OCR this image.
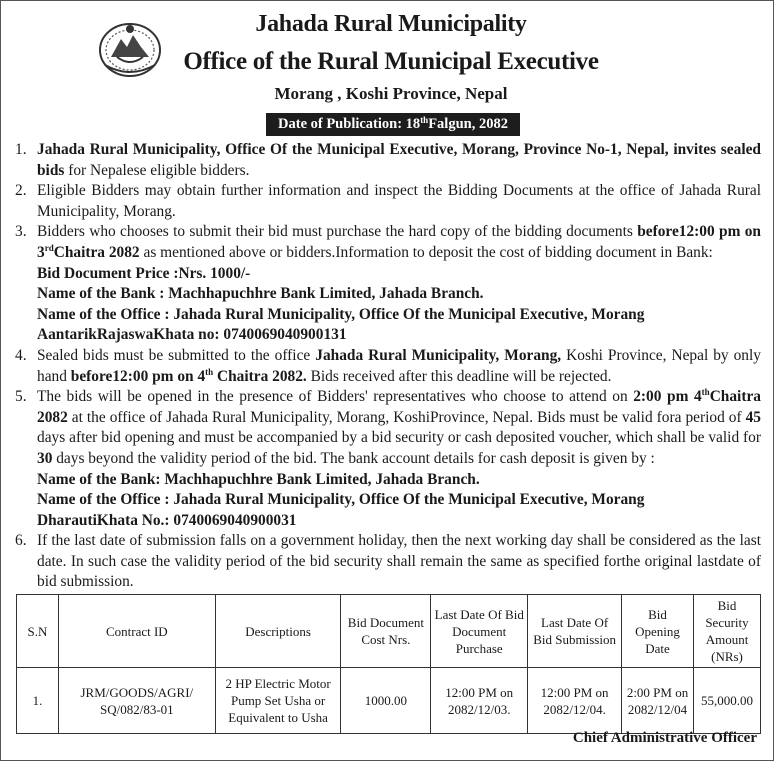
Jahada Rural Municipality
Office of the Rural Municipal Executive
Morang , Koshi Province, Nepal
Date of Publication: 18thFalgun, 2082
1. Jahada Rural Municipality, Office Of the Municipal Executive, Morang, Province No-1, Nepal, invites sealed bids for Nepalese eligible bidders.
2. Eligible Bidders may obtain further information and inspect the Bidding Documents at the office of Jahada Rural Municipality, Morang.
3. Bidders who chooses to submit their bid must purchase the hard copy of the bidding documents before12:00 pm on 3rdChaitra 2082 as mentioned above or bidders.Information to deposit the cost of bidding document in Bank:
Bid Document Price :Nrs. 1000/-
Name of the Bank : Machhapuchhre Bank Limited, Jahada Branch.
Name of the Office : Jahada Rural Municipality, Office Of the Municipal Executive, Morang
AantarikRajaswaKhata no: 0740069040900131
4. Sealed bids must be submitted to the office Jahada Rural Municipality, Morang, Koshi Province, Nepal by only hand before12:00 pm on 4th Chaitra 2082. Bids received after this deadline will be rejected.
5. The bids will be opened in the presence of Bidders' representatives who choose to attend on 2:00 pm 4thChaitra 2082 at the office of Jahada Rural Municipality, Morang, KoshiProvince, Nepal. Bids must be valid fora period of 45 days after bid opening and must be accompanied by a bid security or cash deposited voucher, which shall be valid for 30 days beyond the validity period of the bid. The bank account details for cash deposit is given by :
Name of the Bank: Machhapuchhre Bank Limited, Jahada Branch.
Name of the Office : Jahada Rural Municipality, Office Of the Municipal Executive, Morang
DharautiKhata No.: 0740069040900031
6. If the last date of submission falls on a government holiday, then the next working day shall be considered as the last date. In such case the validity period of the bid security shall remain the same as specified forthe original lastdate of bid submission.
S.N	Contract ID	Descriptions	Bid Document Cost Nrs.	Last Date Of Bid Document Purchase	Last Date Of Bid Submission	Bid Opening Date	Bid Security Amount (NRs)
1.	JRM/GOODS/AGRI/ SQ/082/83-01	2 HP Electric Motor Pump Set Usha or Equivalent to Usha	1000.00	12:00 PM on 2082/12/03.	12:00 PM on 2082/12/04.	2:00 PM on 2082/12/04	55,000.00
Chief Administrative Officer
